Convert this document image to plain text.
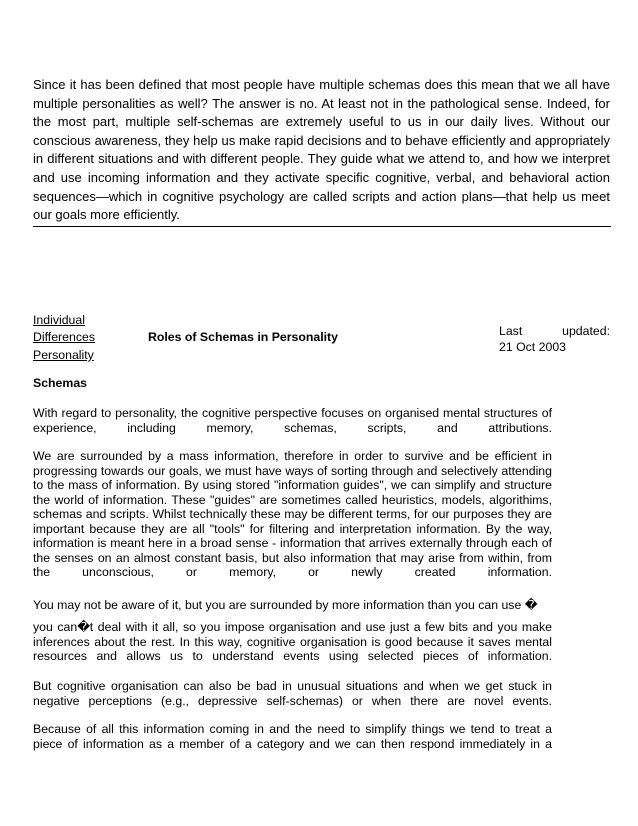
Since it has been defined that most people have multiple schemas does this mean that we all have multiple personalities as well? The answer is no. At least not in the pathological sense. Indeed, for the most part, multiple self-schemas are extremely useful to us in our daily lives. Without our conscious awareness, they help us make rapid decisions and to behave efficiently and appropriately in different situations and with different people. They guide what we attend to, and how we interpret and use incoming information and they activate specific cognitive, verbal, and behavioral action sequences—which in cognitive psychology are called scripts and action plans—that help us meet our goals more efficiently.
Individual Differences
Personality
Roles of Schemas in Personality	Last	updated:
21 Oct 2003
Schemas
With regard to personality, the cognitive perspective focuses on organised mental structures of experience, including memory, schemas, scripts, and attributions.
We are surrounded by a mass information, therefore in order to survive and be efficient in progressing towards our goals, we must have ways of sorting through and selectively attending to the mass of information. By using stored "information guides", we can simplify and structure the world of information. These "guides" are sometimes called heuristics, models, algorithims, schemas and scripts. Whilst technically these may be different terms, for our purposes they are important because they are all "tools" for filtering and interpretation information. By the way, information is meant here in a broad sense - information that arrives externally through each of the senses on an almost constant basis, but also information that may arise from within, from the unconscious, or memory, or newly created information.
You may not be aware of it, but you are surrounded by more information than you can use �
you can�t deal with it all, so you impose organisation and use just a few bits and you make inferences about the rest. In this way, cognitive organisation is good because it saves mental resources and allows us to understand events using selected pieces of information.
But cognitive organisation can also be bad in unusual situations and when we get stuck in negative perceptions (e.g., depressive self-schemas) or when there are novel events.
Because of all this information coming in and the need to simplify things we tend to treat a piece of information as a member of a category and we can then respond immediately in a
